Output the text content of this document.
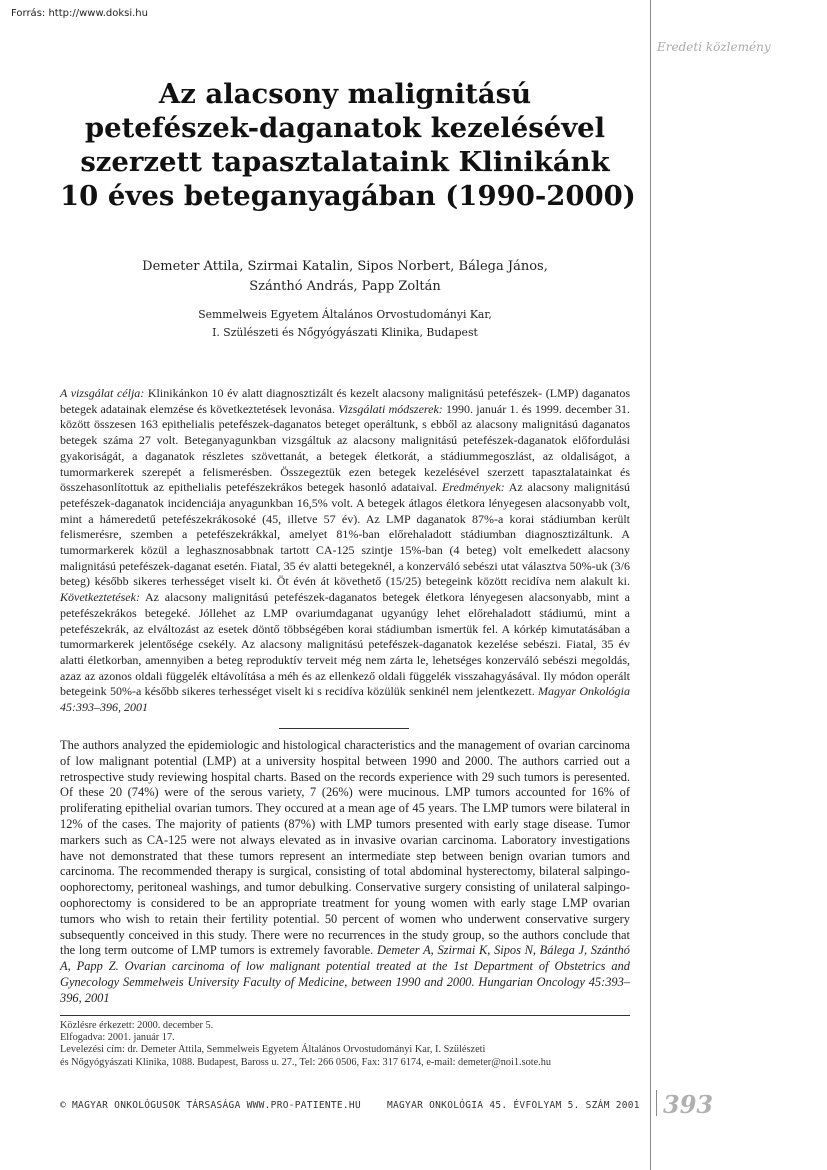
Forrás: http://www.doksi.hu
Eredeti közlemény
Az alacsony malignitású
petefészek-daganatok kezelésével
szerzett tapasztalataink Klinikánk
10 éves beteganyagában (1990-2000)
Demeter Attila, Szirmai Katalin, Sipos Norbert, Bálega János,
Szánthó András, Papp Zoltán
Semmelweis Egyetem Általános Orvostudományi Kar,
I. Szülészeti és Nőgyógyászati Klinika, Budapest
A vizsgálat célja: Klinikánkon 10 év alatt diagnosztizált és kezelt alacsony malignitású petefészek- (LMP) daganatos betegek adatainak elemzése és következtetések levonása. Vizsgálati módszerek: 1990. január 1. és 1999. december 31. között összesen 163 epithelialis petefészek-daganatos beteget operáltunk, s ebből az alacsony malignitású daganatos betegek száma 27 volt. Beteganyagunkban vizsgáltuk az alacsony malignitású petefészek-daganatok előfordulási gyakoriságát, a daganatok részletes szövettanát, a betegek életkorát, a stádiummegoszlást, az oldaliságot, a tumormarkerek szerepét a felismerésben. Összegeztük ezen betegek kezelésével szerzett tapasztalatainkat és összehasonlítottuk az epithelialis petefészekrákos betegek hasonló adataival. Eredmények: Az alacsony malignitású petefészek-daganatok incidenciája anyagunkban 16,5% volt. A betegek átlagos életkora lényegesen alacsonyabb volt, mint a hámeredetű petefészekrákosoké (45, illetve 57 év). Az LMP daganatok 87%-a korai stádiumban került felismerésre, szemben a petefészekrákkal, amelyet 81%-ban előrehaladott stádiumban diagnosztizáltunk. A tumormarkerek közül a leghasznosabbnak tartott CA-125 szintje 15%-ban (4 beteg) volt emelkedett alacsony malignitású petefészek-daganat esetén. Fiatal, 35 év alatti betegeknél, a konzerváló sebészi utat választva 50%-uk (3/6 beteg) később sikeres terhességet viselt ki. Öt évén át követhető (15/25) betegeink között recidíva nem alakult ki. Következtetések: Az alacsony malignitású petefészek-daganatos betegek életkora lényegesen alacsonyabb, mint a petefészekrákos betegeké. Jóllehet az LMP ovariumdaganat ugyanúgy lehet előrehaladott stádiumú, mint a petefészekrák, az elváltozást az esetek döntő többségében korai stádiumban ismertük fel. A kórkép kimutatásában a tumormarkerek jelentősége csekély. Az alacsony malignitású petefészek-daganatok kezelése sebészi. Fiatal, 35 év alatti életkorban, amennyiben a beteg reproduktív terveit még nem zárta le, lehetséges konzerváló sebészi megoldás, azaz az azonos oldali függelék eltávolítása a méh és az ellenkező oldali függelék visszahagyásával. Ily módon operált betegeink 50%-a később sikeres terhességet viselt ki s recidíva közülük senkinél nem jelentkezett. Magyar Onkológia 45:393–396, 2001
The authors analyzed the epidemiologic and histological characteristics and the management of ovarian carcinoma of low malignant potential (LMP) at a university hospital between 1990 and 2000. The authors carried out a retrospective study reviewing hospital charts. Based on the records experience with 29 such tumors is peresented. Of these 20 (74%) were of the serous variety, 7 (26%) were mucinous. LMP tumors accounted for 16% of proliferating epithelial ovarian tumors. They occured at a mean age of 45 years. The LMP tumors were bilateral in 12% of the cases. The majority of patients (87%) with LMP tumors presented with early stage disease. Tumor markers such as CA-125 were not always elevated as in invasive ovarian carcinoma. Laboratory investigations have not demonstrated that these tumors represent an intermediate step between benign ovarian tumors and carcinoma. The recommended therapy is surgical, consisting of total abdominal hysterectomy, bilateral salpingo-oophorectomy, peritoneal washings, and tumor debulking. Conservative surgery consisting of unilateral salpingo-oophorectomy is considered to be an appropriate treatment for young women with early stage LMP ovarian tumors who wish to retain their fertility potential. 50 percent of women who underwent conservative surgery subsequently conceived in this study. There were no recurrences in the study group, so the authors conclude that the long term outcome of LMP tumors is extremely favorable. Demeter A, Szirmai K, Sipos N, Bálega J, Szánthó A, Papp Z. Ovarian carcinoma of low malignant potential treated at the 1st Department of Obstetrics and Gynecology Semmelweis University Faculty of Medicine, between 1990 and 2000. Hungarian Oncology 45:393–396, 2001
Közlésre érkezett: 2000. december 5.
Elfogadva: 2001. január 17.
Levelezési cím: dr. Demeter Attila, Semmelweis Egyetem Általános Orvostudományi Kar, I. Szülészeti
és Nőgyógyászati Klinika, 1088. Budapest, Baross u. 27., Tel: 266 0506, Fax: 317 6174, e-mail: demeter@noi1.sote.hu
© MAGYAR ONKOLÓGUSOK TÁRSASÁGA WWW.PRO-PATIENTE.HU	MAGYAR ONKOLÓGIA 45. ÉVFOLYAM 5. SZÁM 2001 393
